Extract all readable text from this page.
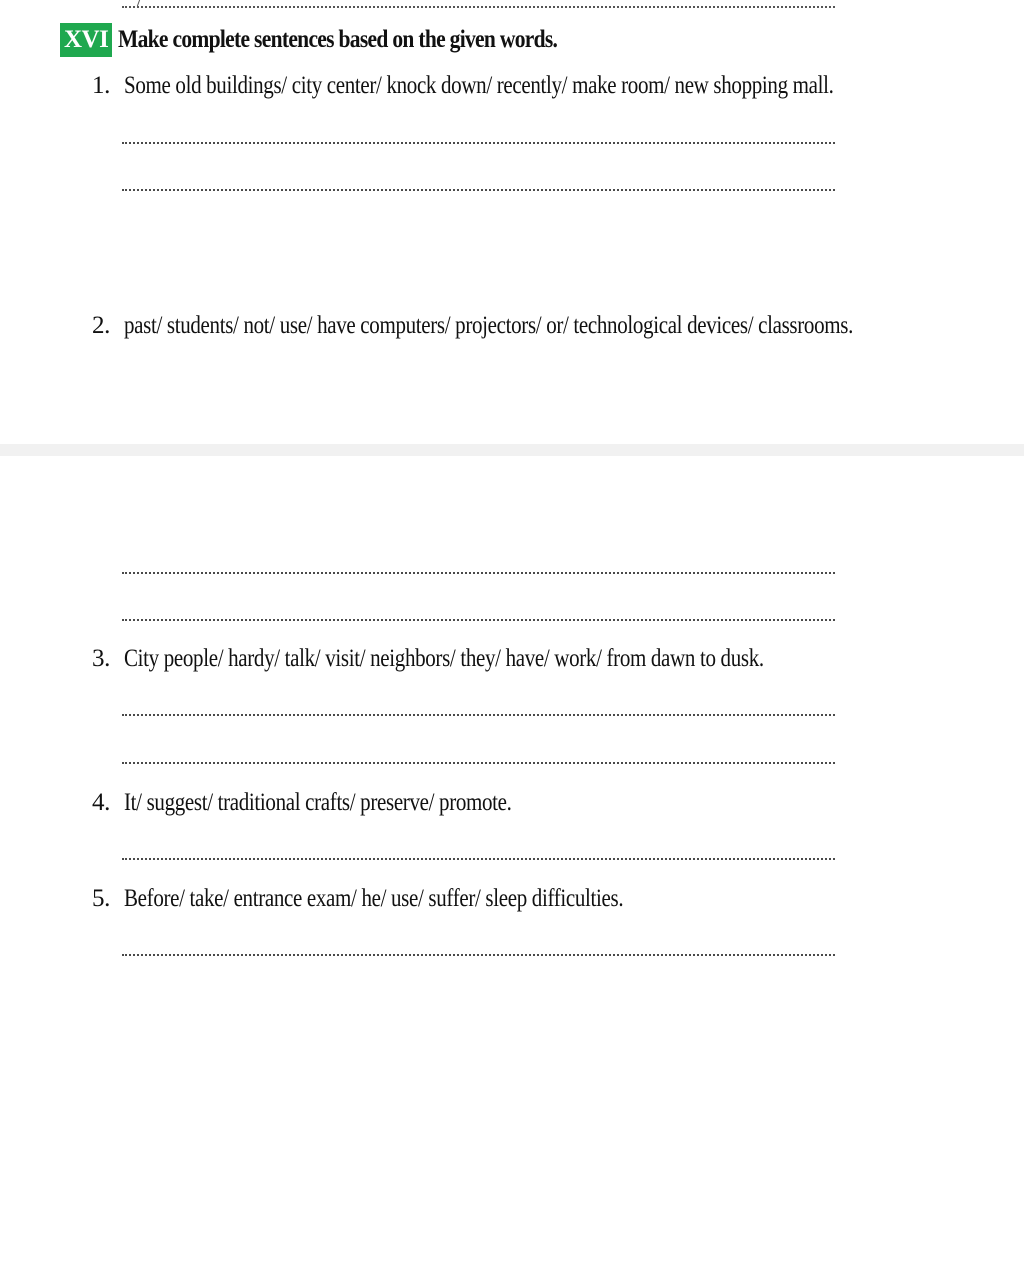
XVI Make complete sentences based on the given words.
1. Some old buildings/ city center/ knock down/ recently/ make room/ new shopping mall.
2. past/ students/ not/ use/ have computers/ projectors/ or/ technological devices/ classrooms.
3. City people/ hardy/ talk/ visit/ neighbors/ they/ have/ work/ from dawn to dusk.
4. It/ suggest/ traditional crafts/ preserve/ promote.
5. Before/ take/ entrance exam/ he/ use/ suffer/ sleep difficulties.
